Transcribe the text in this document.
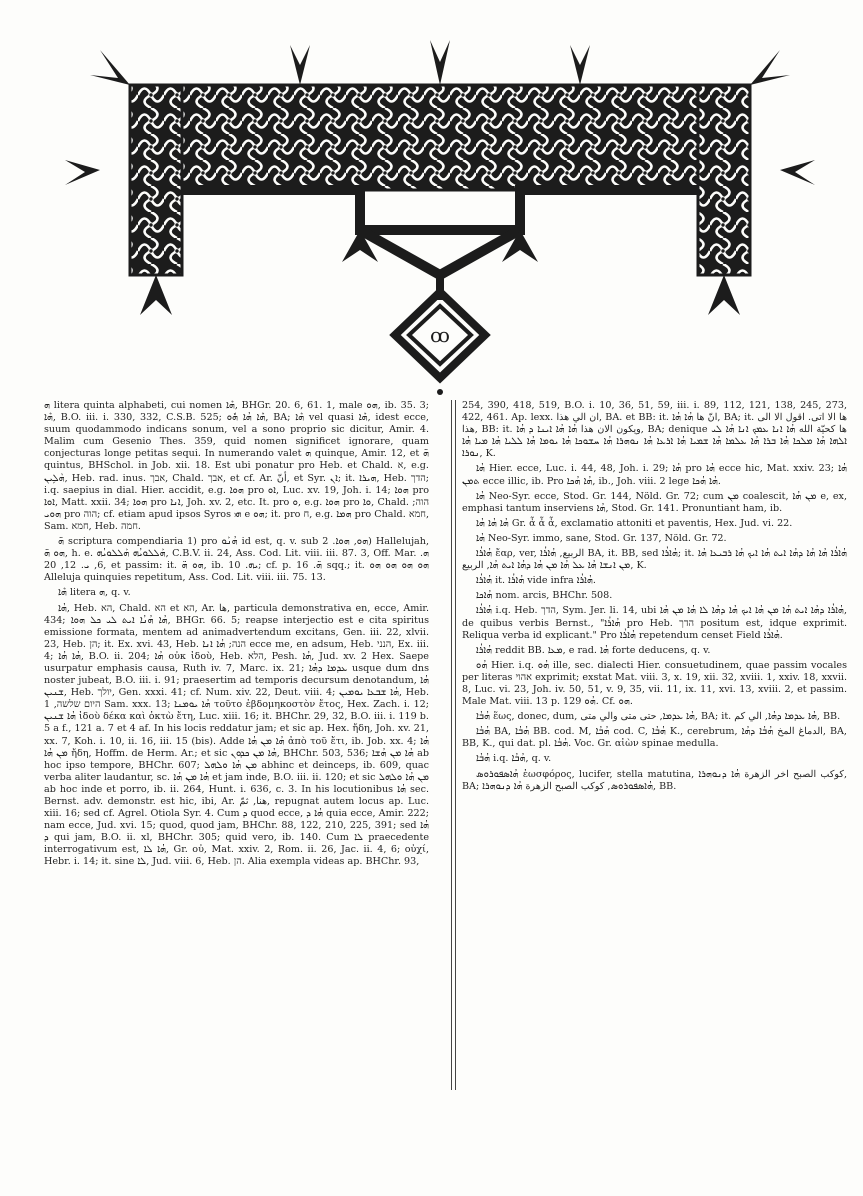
ꝏ

ܗ litera quinta alphabeti, cui nomen ܗܶܐ, BHGr. 20. 6, 61. 1, male ܗܘ, ib. 35. 3; ܗܶܐ, B.O. iii. i. 330, 332, C.S.B. 525; ܗܶܐ ܗܳܐ ܗܽܘ, BA; ܗܶܐ vel quasi ܗܶܐ, idest ecce, suum quodammodo indicans sonum, vel a sono proprio sic dicitur, Amir. 4. Malim cum Gesenio Thes. 359, quid nomen significet ignorare, quam conjecturas longe petitas sequi. In numerando valet ܗ quinque, Amir. 12, et ܗ̈ quintus, BHSchol. in Job. xii. 18. Est ubi ponatur pro Heb. et Chald. א, e.g. ܗܵܠܹܝܢ, Heb. rad. inus. אבך, Chald. אבך, et cf. Ar. أنّ, et Syr. ܐܢ; it. ܗܝܪܐ, Heb. הדך; i.q. saepius in dial. Hier. accidit, e.g. ܗܘܐ pro ܐܘ, Luc. xv. 19, Joh. i. 14; ܗܘܐ pro ܐܘܐ, Matt. xxii. 34; ܗܘܐ pro ܐܢܐ, Joh. xv. 2, etc. It. pro ܘ, e.g. ܗܘܐ pro ܘܐ, Chald. הוה; ܗܘܝ pro הוה; cf. etiam apud ipsos Syros ܗܝ e ܗܘ; it. pro ח, e.g. ܗܡܐ pro Chald. חמא, Sam. חמא, Heb. חמה.

ܗ̈ scriptura compendiaria 1) pro ܗܳܢܰܘ id est, q. v. sub ܗܘ, ܗܘܐ. 2) Hallelujah, ܗܘ ܗ̈, h. e. ܗܰܠܠܘܝܳܗ ܗܰܠܠܘܝܳܗ, C.B.V. ii. 24, Ass. Cod. Lit. viii. iii. 87. 3, Off. Mar. ܗ. 6, ܝ. 12, 20, et passim: it. ܗܘ ܗ̈, ib. ܝܗ. 10; cf. p. ܗ̈. 16 sqq.; it. ܗܘ ܗܘ ܗܘ ܗܘ Alleluja quinquies repetitum, Ass. Cod. Lit. viii. iii. 75. 13.

ܗܶܐ litera ܗ, q. v.

ܗܳܐ, Heb. הא, Chald. הא et הא, Ar. ها, particula demonstrativa en, ecce, Amir. 434; ܗܳܐ ܗܳܢܳܐ ܐܝܬ ܠܝ ܟܠ ܗܘܐ, BHGr. 66. 5; reapse interjectio est e cita spiritus emissione formata, mentem ad animadvertendum excitans, Gen. iii. 22, xlvii. 23, Heb. הן; it. Ex. xvi. 43, Heb. הנה; ܗܳܐ ܐܢܐ ecce me, en adsum, Heb. הנני, Ex. iii. 4; ܗܳܐ ܗܳܐ, B.O. ii. 204; ܗܳܐ οὐκ ἰδοὺ, Heb. הלא, Pesh. ܗܳܐ, Jud. xv. 2 Hex. Saepe usurpatur emphasis causa, Ruth iv. 7, Marc. ix. 21; ܥܕܡܐ ܕܗܳܐ usque dum dns noster jubeat, B.O. iii. i. 91; praesertim ad temporis decursum denotandum, ܗܳܐ ܫܢܝܢ, Heb. יולך, Gen. xxxi. 41; cf. Num. xiv. 22, Deut. viii. 4; ܗܳܐ ܫܒܥܐ ܝܘܡܝܢ, Heb. היום שלשה, 1 Sam. xxx. 13; ܗܳܐ ܝܘܡܢܐ τοῦτο ἑβδομηκοστὸν ἔτος, Hex. Zach. i. 12; ܗܳܐ ܫܢܝܢ ἰδοὺ δέκα καὶ ὀκτὼ ἔτη, Luc. xiii. 16; it. BHChr. 29, 32, B.O. iii. i. 119 b. 5 a f., 121 a. 7 et 4 af. In his locis reddatur jam; et sic ap. Hex. ἤδη, Joh. xv. 21, xx. 7, Koh. i. 10, ii. 16, iii. 15 (bis). Adde ܗܳܐ ܡܢ ܗܳܐ ἀπὸ τοῦ ἔτι, ib. Job. xx. 4; ܗܳܐ ܡܢ ܗܳܐ ἤδη, Hoffm. de Herm. Ar.; et sic ܗܳܐ ܡܢ ܟܕܘܢ, BHChr. 503, 536; ܗܳܐ ܡܢ ܗܳܫܐ ab hoc ipso tempore, BHChr. 607; ܡܢ ܗܳܐ ܘܠܗܠ abhinc et deinceps, ib. 609, quac verba aliter laudantur, sc. ܗܳܐ ܡܢ ܗܳܐ et jam inde, B.O. iii. ii. 120; et sic ܡܢ ܗܳܐ ܘܠܗܠ ab hoc inde et porro, ib. ii. 264, Hunt. i. 636, c. 3. In his locutionibus ܗܳܐ sec. Bernst. adv. demonstr. est hic, ibi, Ar. هنا, ثمّ, repugnat autem locus ap. Luc. xiii. 16; sed cf. Agrel. Otiola Syr. 4. Cum ܕ quod ecce, ܗܳܐ ܕ quia ecce, Amir. 222; nam ecce, Jud. xvi. 15; quod, quod jam, BHChr. 88, 122, 210, 225, 391; sed ܗܳܐ ܕ qui jam, B.O. ii. xl, BHChr. 305; quid vero, ib. 140. Cum ܠܐ praecedente interrogativum est, ܗܳܐ ܠܐ, Gr. οὐ, Mat. xxiv. 2, Rom. ii. 26, Jac. ii. 4, 6; οὐχί, Hebr. i. 14; it. sine ܠܐ, Jud. viii. 6, Heb. הן. Alia exempla videas ap. BHChr. 93,

254, 390, 418, 519, B.O. i. 10, 36, 51, 59, iii. i. 89, 112, 121, 138, 245, 273, 422, 461. Ap. lexx. ان الي هذا, BA. et BB: it. انّ ها ܗܳܐ ܗܳܐ, BA; it. ها الا اتى. اقول الا الى هذا, BB: it. ويكون الان هذا ܗܳܐ ܗܳܐ ܐܝܢܐ ܕ ܗܳܐ, BA; denique ها كحيّة الله ܗܳܐ ܐܢܐ ܥܡܟ ܐܢܐ ܗܳܐ ܠܝ ܐܠܗܐ ܗܳܐ ܡܠܟܐ ܗܳܐ ܒܪܐ ܗܳܐ ܥܠܡܐ ܗܳܐ ܫܡܝܐ ܗܳܐ ܐܪܥܐ ܗܳܐ ܢܘܗܪܐ ܗܳܐ ܚܫܘܟܐ ܗܳܐ ܝܘܡܐ ܗܳܐ ܠܠܝܐ ܗܳܐ ܡܝܐ ܗܳܐ ܢܘܪܐ, K.

ܗܳܐ Hier. ecce, Luc. i. 44, 48, Joh. i. 29; ܗܳܐ pro ܗܳܐ ecce hic, Mat. xxiv. 23; ܗܳܐ ܬܡܢ ecce illic, ib. Pro ܗܳܐ ܗܳܟܐ, ib., Joh. viii. 2 lege ܗܳܐ ܗܳܟܐ.

ܗܳܐ Neo-Syr. ecce, Stod. Gr. 144, Nöld. Gr. 72; cum ܡܢ coalescit, ܡܢ ܗܳܐ e, ex, emphasi tantum inserviens ܗܳܐ, Stod. Gr. 141. Pronuntiant ham, ib.

ܗܳܐ ܗܳܐ ܗܳܐ Gr. ἆ ἆ ἆ, exclamatio attoniti et paventis, Hex. Jud. vi. 22.

ܗܳܐ Neo-Syr. immo, sane, Stod. Gr. 137, Nöld. Gr. 72.

ܗܳܐܪܳܐ ἔαρ, ver, الربيع, ܗܳܐܪܳܐ BA, it. BB, sed ܗܳܐܪܳܐ; it. ܗܳܐܪܳܐ ܗܳܐ ܗܳܐ ܕܗܳܐ ܐܝܬ ܗܳܐ ܐܝܟ ܗܳܐ ܪܒܝܥܐ ܗܳܐ ܡܢ ܐܢܫܐ ܗܳܐ ܥܠ ܗܳܐ ܡܢ ܗܳܐ ܕܗܳܐ ܐܝܬ ܗܳܐ, الربيع, K.

ܗܳܐܪܳܐ it. ܗܳܐܪܳܐ vide infra ܗܳܐܪܳܐ.

ܗܳܐܟܐ nom. arcis, BHChr. 508.

ܗܳܐܪܳܐ i.q. Heb. הדך, Sym. Jer. li. 14, ubi ܗܳܐܪܳܐ ܕܗܳܐ ܐܝܬ ܗܳܐ ܡܢ ܗܳܐ ܐܝܟ ܗܳܐ ܕܗܳܐ ܠܐ ܗܳܐ ܡܢ ܗܳܐ, de quibus verbis Bernst., "ܗܳܐܪܳܐ pro Heb. הדך positum est, idque exprimit. Reliqua verba id explicant." Pro ܗܳܐܪܳܐ repetendum censet Field ܗܳܐܪܳܐ.

ܗܳܐܪܳܐ reddit BB. ܡܥܐ, e rad. ܗܳܐ forte deducens, q. v.

ܗܳܘ Hier. i.q. ܗܳܘ ille, sec. dialecti Hier. consuetudinem, quae passim vocales per literas אהוי exprimit; exstat Mat. viii. 3, x. 19, xii. 32, xviii. 1, xxiv. 18, xxvii. 8, Luc. vi. 23, Joh. iv. 50, 51, v. 9, 35, vii. 11, ix. 11, xvi. 13, xviii. 2, et passim. Male Mat. viii. 13 p. 129 ܗܳܘ. Cf. ܗܘ.

ܗܳܒܳܐ ἕως, donec, dum, ܗܳܐ ܥܕܡܐ, حتى متى والي متى, BA; it. ܗܳܐ ܥܕܡܐ ܕܗܳܐ, الي كم, BB.

ܗܳܒܳܐ BA, ܗܳܒܳܐ BB. cod. M, ܗܳܒܳܐ cod. C, ܗܳܒܳܐ K., cerebrum, الدماغ المخ ܗܳܒܳܐ ܕܗܳܐ, BA, BB, K., qui dat. pl. ܗܳܒܳܐ. Voc. Gr. αἰὼν spinae medulla.

ܗܳܒܳܐ i.q. ܗܳܒܳܐ, q. v.

ܗܳܐܣܦܘܪܘܣ ἑωσφόρος, lucifer, stella matutina, كوكب الصبح اخر الزهرة ܗܳܐ ܕܢܘܗܪܐ, BA; ܗܳܐܣܦܘܪܘܣ, كوكب الصبح الزهرة ܗܳܐ ܕܢܘܗܪܐ, BB.
